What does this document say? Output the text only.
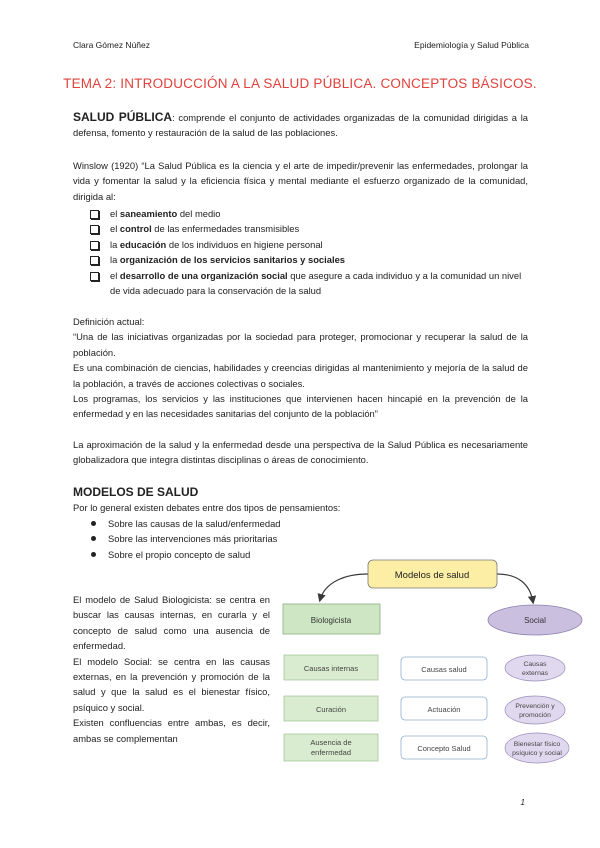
Clara Gómez Núñez	Epidemiología y Salud Pública
TEMA 2: INTRODUCCIÓN A LA SALUD PÚBLICA. CONCEPTOS BÁSICOS.

SALUD PÚBLICA: comprende el conjunto de actividades organizadas de la comunidad dirigidas a la defensa, fomento y restauración de la salud de las poblaciones.

Winslow (1920) “La Salud Pública es la ciencia y el arte de impedir/prevenir las enfermedades, prolongar la vida y fomentar la salud y la eficiencia física y mental mediante el esfuerzo organizado de la comunidad, dirigida al:

el saneamiento del medio
el control de las enfermedades transmisibles
la educación de los individuos en higiene personal
la organización de los servicios sanitarios y sociales
el desarrollo de una organización social que asegure a cada individuo y a la comunidad un nivel de vida adecuado para la conservación de la salud

Definición actual:

“Una de las iniciativas organizadas por la sociedad para proteger, promocionar y recuperar la salud de la población.

Es una combinación de ciencias, habilidades y creencias dirigidas al mantenimiento y mejoría de la salud de la población, a través de acciones colectivas o sociales.

Los programas, los servicios y las instituciones que intervienen hacen hincapié en la prevención de la enfermedad y en las necesidades sanitarias del conjunto de la población”

La aproximación de la salud y la enfermedad desde una perspectiva de la Salud Pública es necesariamente globalizadora que integra distintas disciplinas o áreas de conocimiento.

MODELOS DE SALUD

Por lo general existen debates entre dos tipos de pensamientos:

Sobre las causas de la salud/enfermedad
Sobre las intervenciones más prioritarias
Sobre el propio concepto de salud

El modelo de Salud Biologicista: se centra en buscar las causas internas, en curarla y el concepto de salud como una ausencia de enfermedad.

El modelo Social: se centra en las causas externas, en la prevención y promoción de la salud y que la salud es el bienestar físico, psíquico y social.

Existen confluencias entre ambas, es decir, ambas se complementan

Modelos de salud
Biologicista	Social
Causas internas
Curación
Ausencia de enfermedad
Causas salud
Actuación
Concepto Salud
Causas
externas
Prevención y
promoción
Bienestar físico
psíquico y social
1
